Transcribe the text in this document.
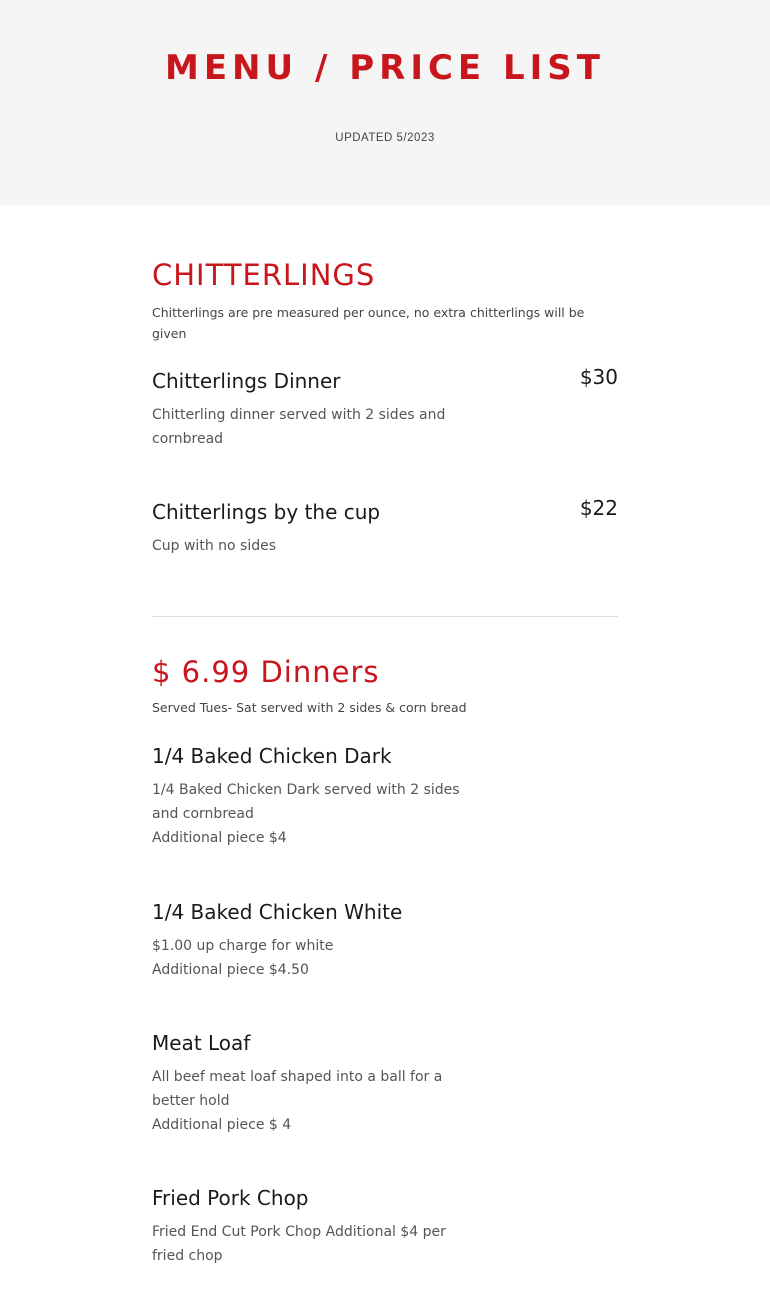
MENU / PRICE LIST
UPDATED 5/2023
CHITTERLINGS
Chitterlings are pre measured per ounce, no extra chitterlings will be given
Chitterlings Dinner	$30
Chitterling dinner served with 2 sides and cornbread
Chitterlings by the cup	$22
Cup with no sides
$ 6.99 Dinners
Served Tues- Sat served with 2 sides & corn bread
1/4 Baked Chicken Dark
1/4 Baked Chicken Dark served with 2 sides and cornbread
Additional piece $4
1/4 Baked Chicken White
$1.00 up charge for white
Additional piece $4.50
Meat Loaf
All beef meat loaf shaped into a ball for a better hold
Additional piece $ 4
Fried Pork Chop
Fried End Cut Pork Chop Additional $4 per fried chop
